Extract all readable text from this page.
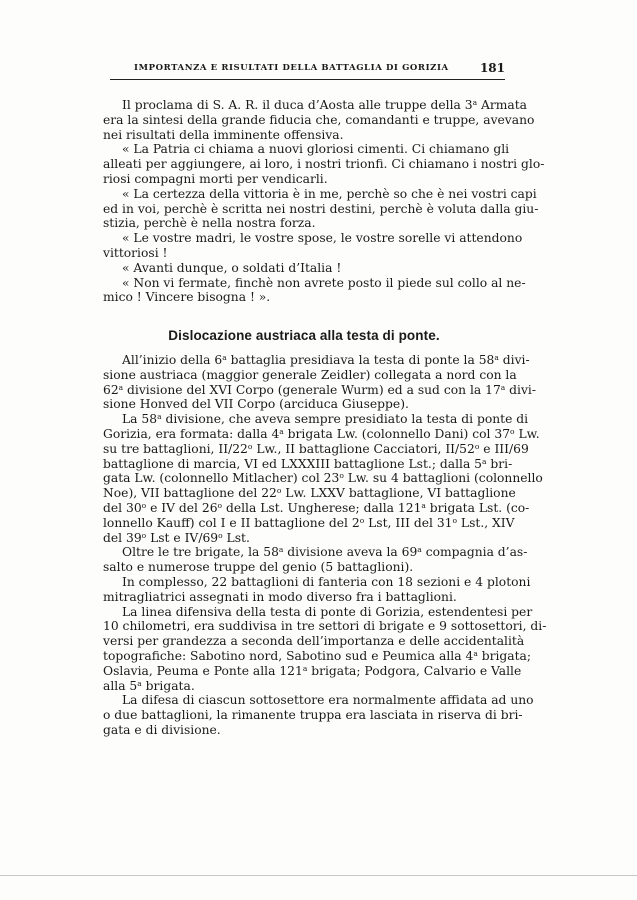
IMPORTANZA E RISULTATI DELLA BATTAGLIA DI GORIZIA	181
Il proclama di S. A. R. il duca d’Aosta alle truppe della 3$^a$ Armata
era la sintesi della grande fiducia che, comandanti e truppe, avevano
nei risultati della imminente offensiva.
« La Patria ci chiama a nuovi gloriosi cimenti. Ci chiamano gli
alleati per aggiungere, ai loro, i nostri trionfi. Ci chiamano i nostri glo-
riosi compagni morti per vendicarli.
« La certezza della vittoria è in me, perchè so che è nei vostri capi
ed in voi, perchè è scritta nei nostri destini, perchè è voluta dalla giu-
stizia, perchè è nella nostra forza.
« Le vostre madri, le vostre spose, le vostre sorelle vi attendono
vittoriosi !
« Avanti dunque, o soldati d’Italia !
« Non vi fermate, finchè non avrete posto il piede sul collo al ne-
mico ! Vincere bisogna ! ».
Dislocazione austriaca alla testa di ponte.
All’inizio della 6$^a$ battaglia presidiava la testa di ponte la 58$^a$ divi-
sione austriaca (maggior generale Zeidler) collegata a nord con la
62$^a$ divisione del XVI Corpo (generale Wurm) ed a sud con la 17$^a$ divi-
sione Honved del VII Corpo (arciduca Giuseppe).
La 58$^a$ divisione, che aveva sempre presidiato la testa di ponte di
Gorizia, era formata: dalla 4$^a$ brigata Lw. (colonnello Dani) col 37$^o$ Lw.
su tre battaglioni, II/22$^o$ Lw., II battaglione Cacciatori, II/52$^o$ e III/69
battaglione di marcia, VI ed LXXXIII battaglione Lst.; dalla 5$^a$ bri-
gata Lw. (colonnello Mitlacher) col 23$^o$ Lw. su 4 battaglioni (colonnello
Noe), VII battaglione del 22$^o$ Lw. LXXV battaglione, VI battaglione
del 30$^o$ e IV del 26$^o$ della Lst. Ungherese; dalla 121$^a$ brigata Lst. (co-
lonnello Kauff) col I e II battaglione del 2$^o$ Lst, III del 31$^o$ Lst., XIV
del 39$^o$ Lst e IV/69$^o$ Lst.
Oltre le tre brigate, la 58$^a$ divisione aveva la 69$^a$ compagnia d’as-
salto e numerose truppe del genio (5 battaglioni).
In complesso, 22 battaglioni di fanteria con 18 sezioni e 4 plotoni
mitragliatrici assegnati in modo diverso fra i battaglioni.
La linea difensiva della testa di ponte di Gorizia, estendentesi per
10 chilometri, era suddivisa in tre settori di brigate e 9 sottosettori, di-
versi per grandezza a seconda dell’importanza e delle accidentalità
topografiche: Sabotino nord, Sabotino sud e Peumica alla 4$^a$ brigata;
Oslavia, Peuma e Ponte alla 121$^a$ brigata; Podgora, Calvario e Valle
alla 5$^a$ brigata.
La difesa di ciascun sottosettore era normalmente affidata ad uno
o due battaglioni, la rimanente truppa era lasciata in riserva di bri-
gata e di divisione.
